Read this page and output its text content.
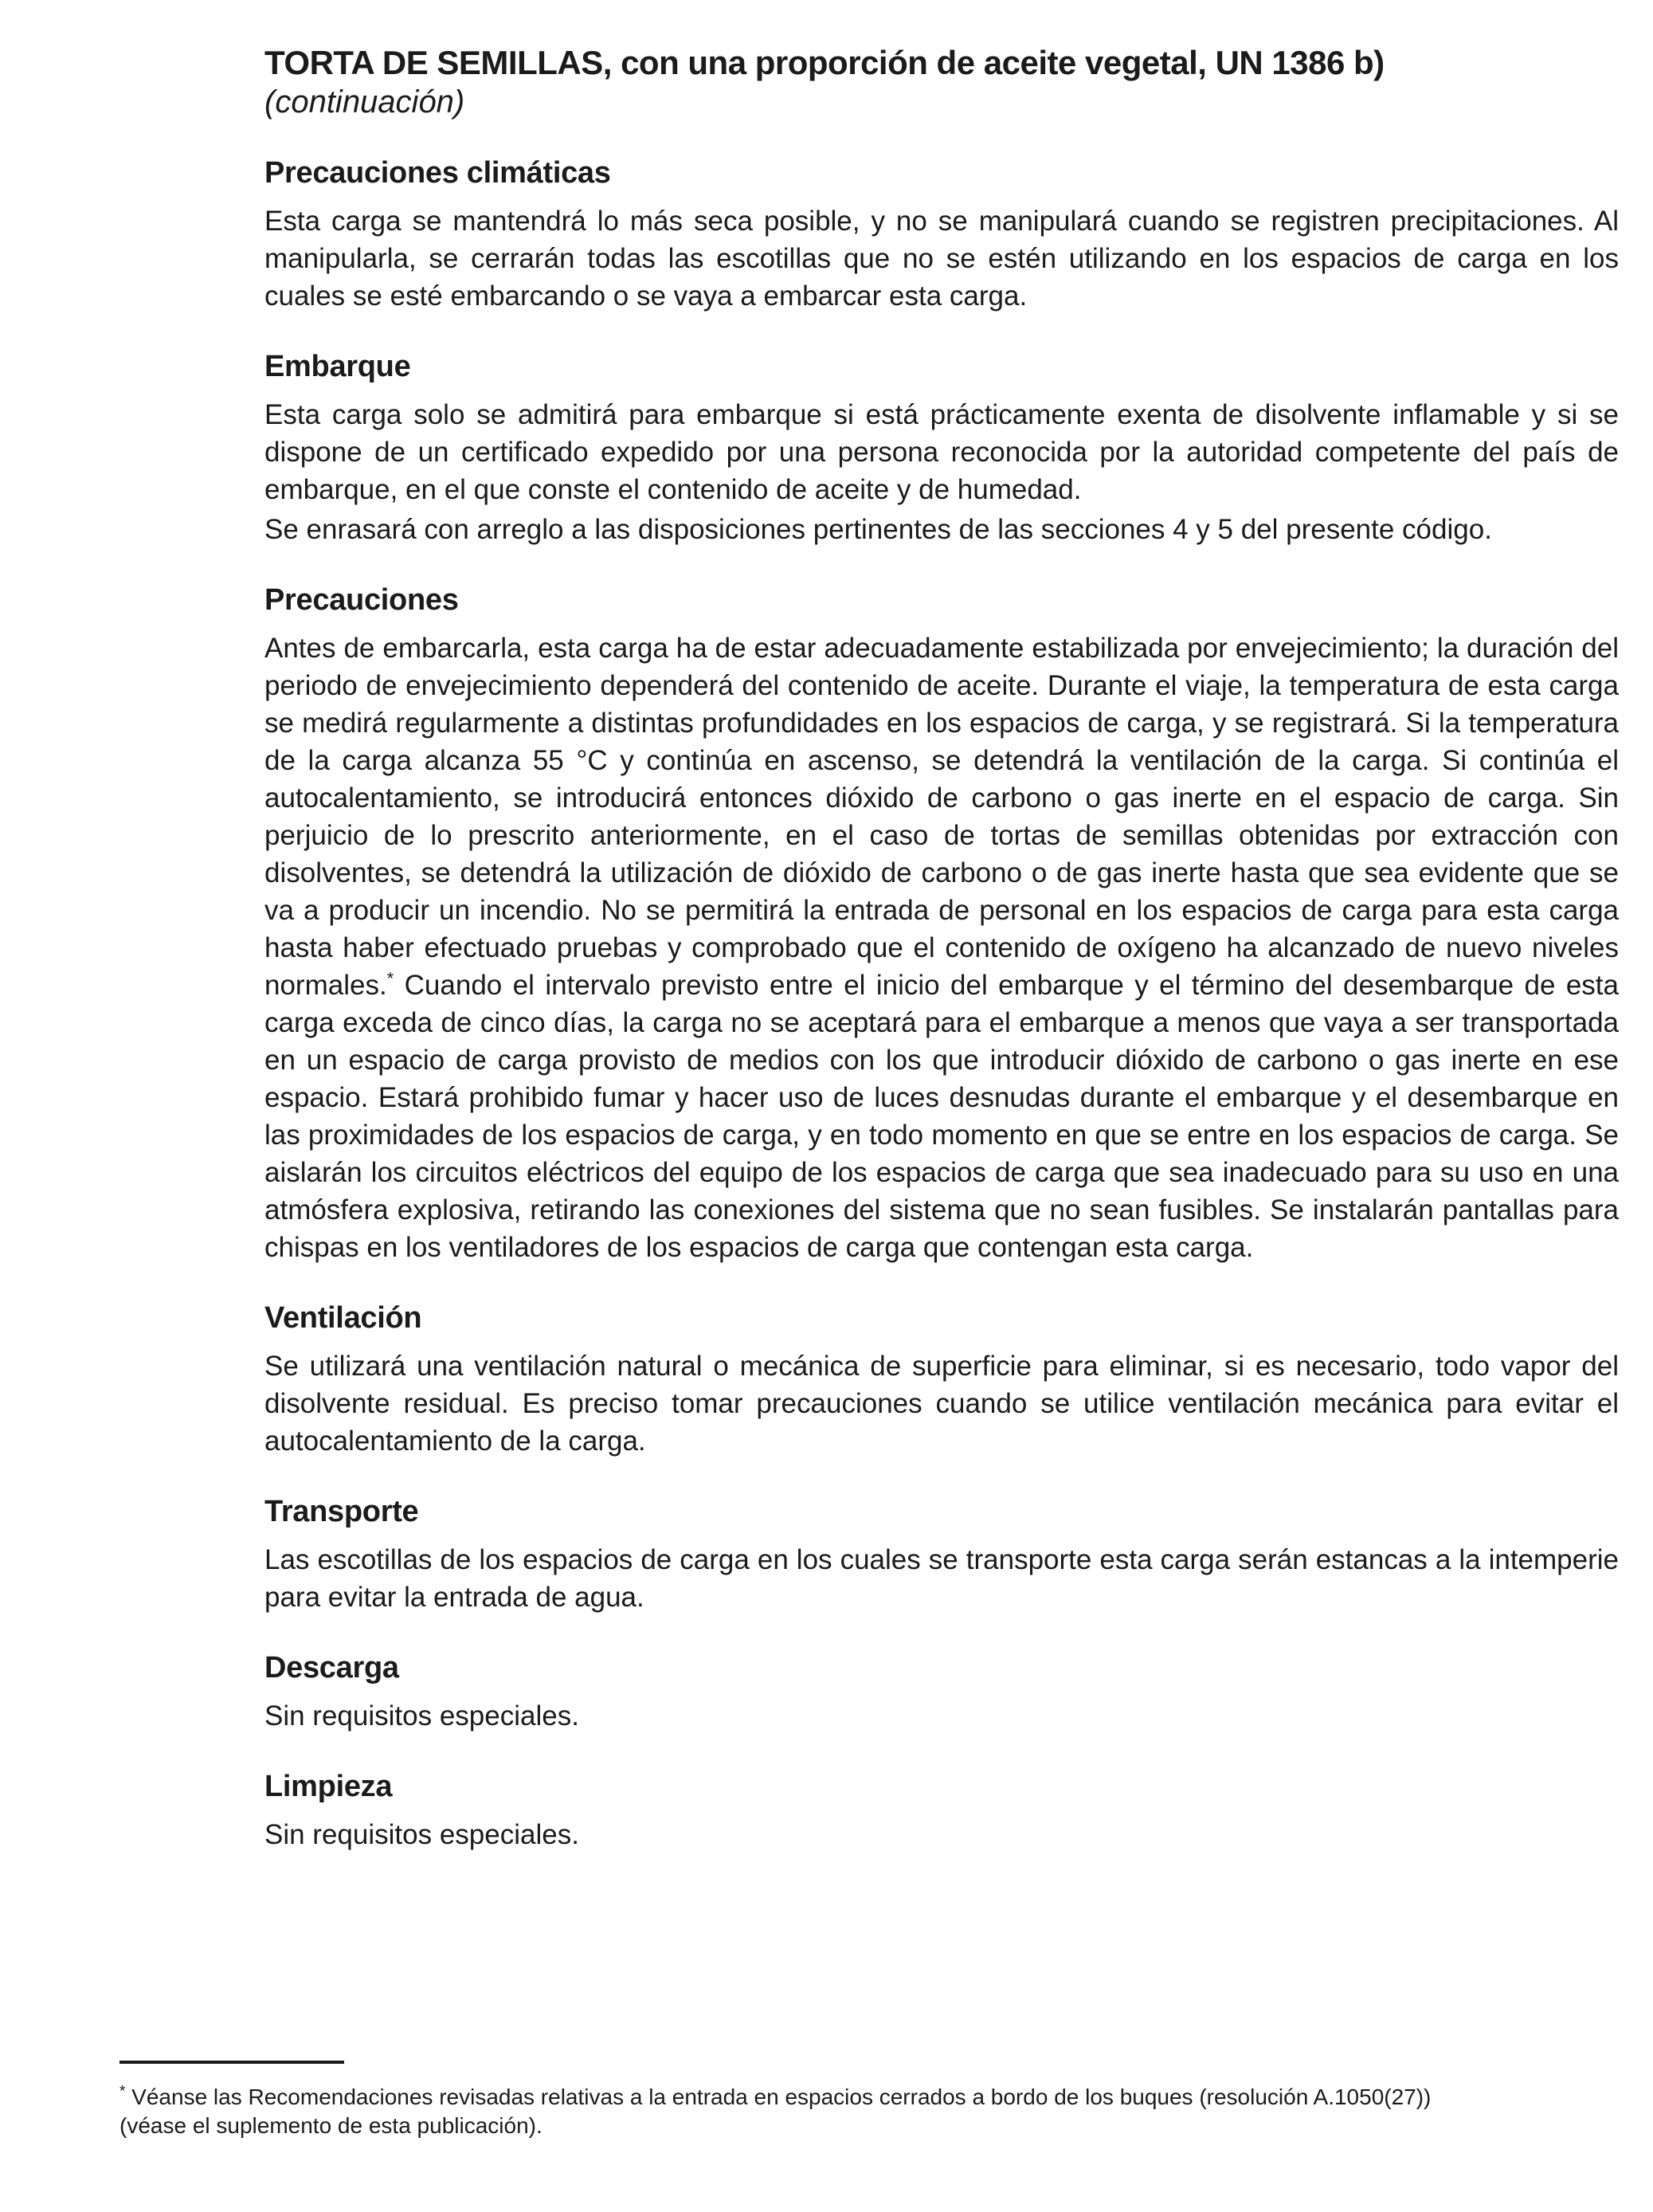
TORTA DE SEMILLAS, con una proporción de aceite vegetal, UN 1386 b)
(continuación)
Precauciones climáticas

Esta carga se mantendrá lo más seca posible, y no se manipulará cuando se registren precipitaciones. Al manipularla, se cerrarán todas las escotillas que no se estén utilizando en los espacios de carga en los cuales se esté embarcando o se vaya a embarcar esta carga.

Embarque

Esta carga solo se admitirá para embarque si está prácticamente exenta de disolvente inflamable y si se dispone de un certificado expedido por una persona reconocida por la autoridad competente del país de embarque, en el que conste el contenido de aceite y de humedad.

Se enrasará con arreglo a las disposiciones pertinentes de las secciones 4 y 5 del presente código.

Precauciones

Antes de embarcarla, esta carga ha de estar adecuadamente estabilizada por envejecimiento; la duración del periodo de envejecimiento dependerá del contenido de aceite. Durante el viaje, la temperatura de esta carga se medirá regularmente a distintas profundidades en los espacios de carga, y se registrará. Si la temperatura de la carga alcanza 55 °C y continúa en ascenso, se detendrá la ventilación de la carga. Si continúa el autocalentamiento, se introducirá entonces dióxido de carbono o gas inerte en el espacio de carga. Sin perjuicio de lo prescrito anteriormente, en el caso de tortas de semillas obtenidas por extracción con disolventes, se detendrá la utilización de dióxido de carbono o de gas inerte hasta que sea evidente que se va a producir un incendio. No se permitirá la entrada de personal en los espacios de carga para esta carga hasta haber efectuado pruebas y comprobado que el contenido de oxígeno ha alcanzado de nuevo niveles normales.* Cuando el intervalo previsto entre el inicio del embarque y el término del desembarque de esta carga exceda de cinco días, la carga no se aceptará para el embarque a menos que vaya a ser transportada en un espacio de carga provisto de medios con los que introducir dióxido de carbono o gas inerte en ese espacio. Estará prohibido fumar y hacer uso de luces desnudas durante el embarque y el desembarque en las proximidades de los espacios de carga, y en todo momento en que se entre en los espacios de carga. Se aislarán los circuitos eléctricos del equipo de los espacios de carga que sea inadecuado para su uso en una atmósfera explosiva, retirando las conexiones del sistema que no sean fusibles. Se instalarán pantallas para chispas en los ventiladores de los espacios de carga que contengan esta carga.

Ventilación

Se utilizará una ventilación natural o mecánica de superficie para eliminar, si es necesario, todo vapor del disolvente residual. Es preciso tomar precauciones cuando se utilice ventilación mecánica para evitar el autocalentamiento de la carga.

Transporte

Las escotillas de los espacios de carga en los cuales se transporte esta carga serán estancas a la intemperie para evitar la entrada de agua.

Descarga

Sin requisitos especiales.

Limpieza

Sin requisitos especiales.

* Véanse las Recomendaciones revisadas relativas a la entrada en espacios cerrados a bordo de los buques (resolución A.1050(27))

(véase el suplemento de esta publicación).
